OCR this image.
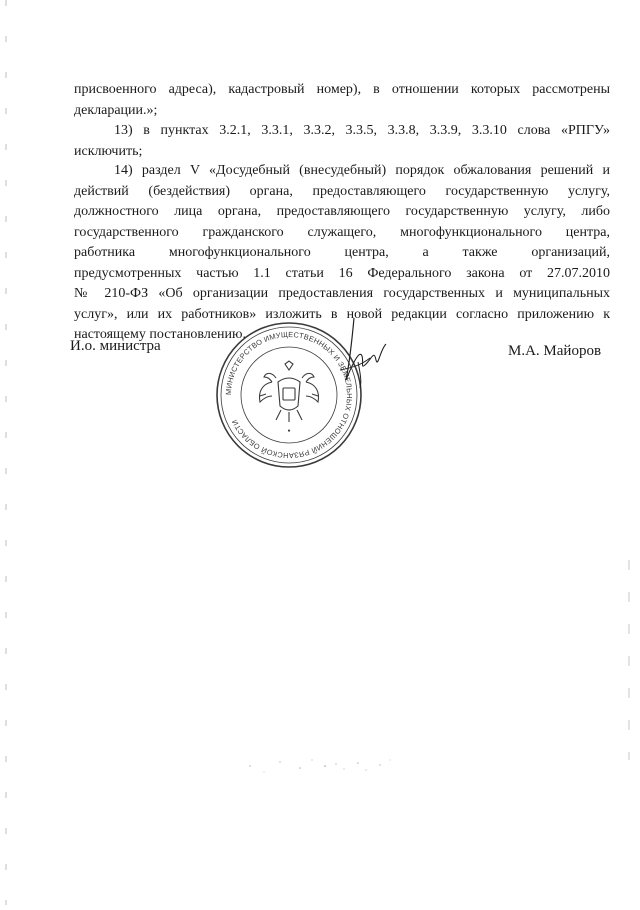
присвоенного адреса), кадастровый номер), в отношении которых рассмотрены
декларации.»;
13) в пунктах 3.2.1, 3.3.1, 3.3.2, 3.3.5, 3.3.8, 3.3.9, 3.3.10 слова «РПГУ»
исключить;
14) раздел V «Досудебный (внесудебный) порядок обжалования решений и
действий (бездействия) органа, предоставляющего государственную услугу,
должностного лица органа, предоставляющего государственную услугу, либо
государственного гражданского служащего, многофункционального центра,
работника многофункционального центра, а также организаций,
предусмотренных частью 1.1 статьи 16 Федерального закона от 27.07.2010
№ 210-ФЗ «Об организации предоставления государственных и муниципальных
услуг», или их работников» изложить в новой редакции согласно приложению к
настоящему постановлению.
И.о. министра	М.А. Майоров
МИНИСТЕРСТВО ИМУЩЕСТВЕННЫХ И ЗЕМЕЛЬНЫХ ОТНОШЕНИЙ РЯЗАНСКОЙ ОБЛАСТИ
●
